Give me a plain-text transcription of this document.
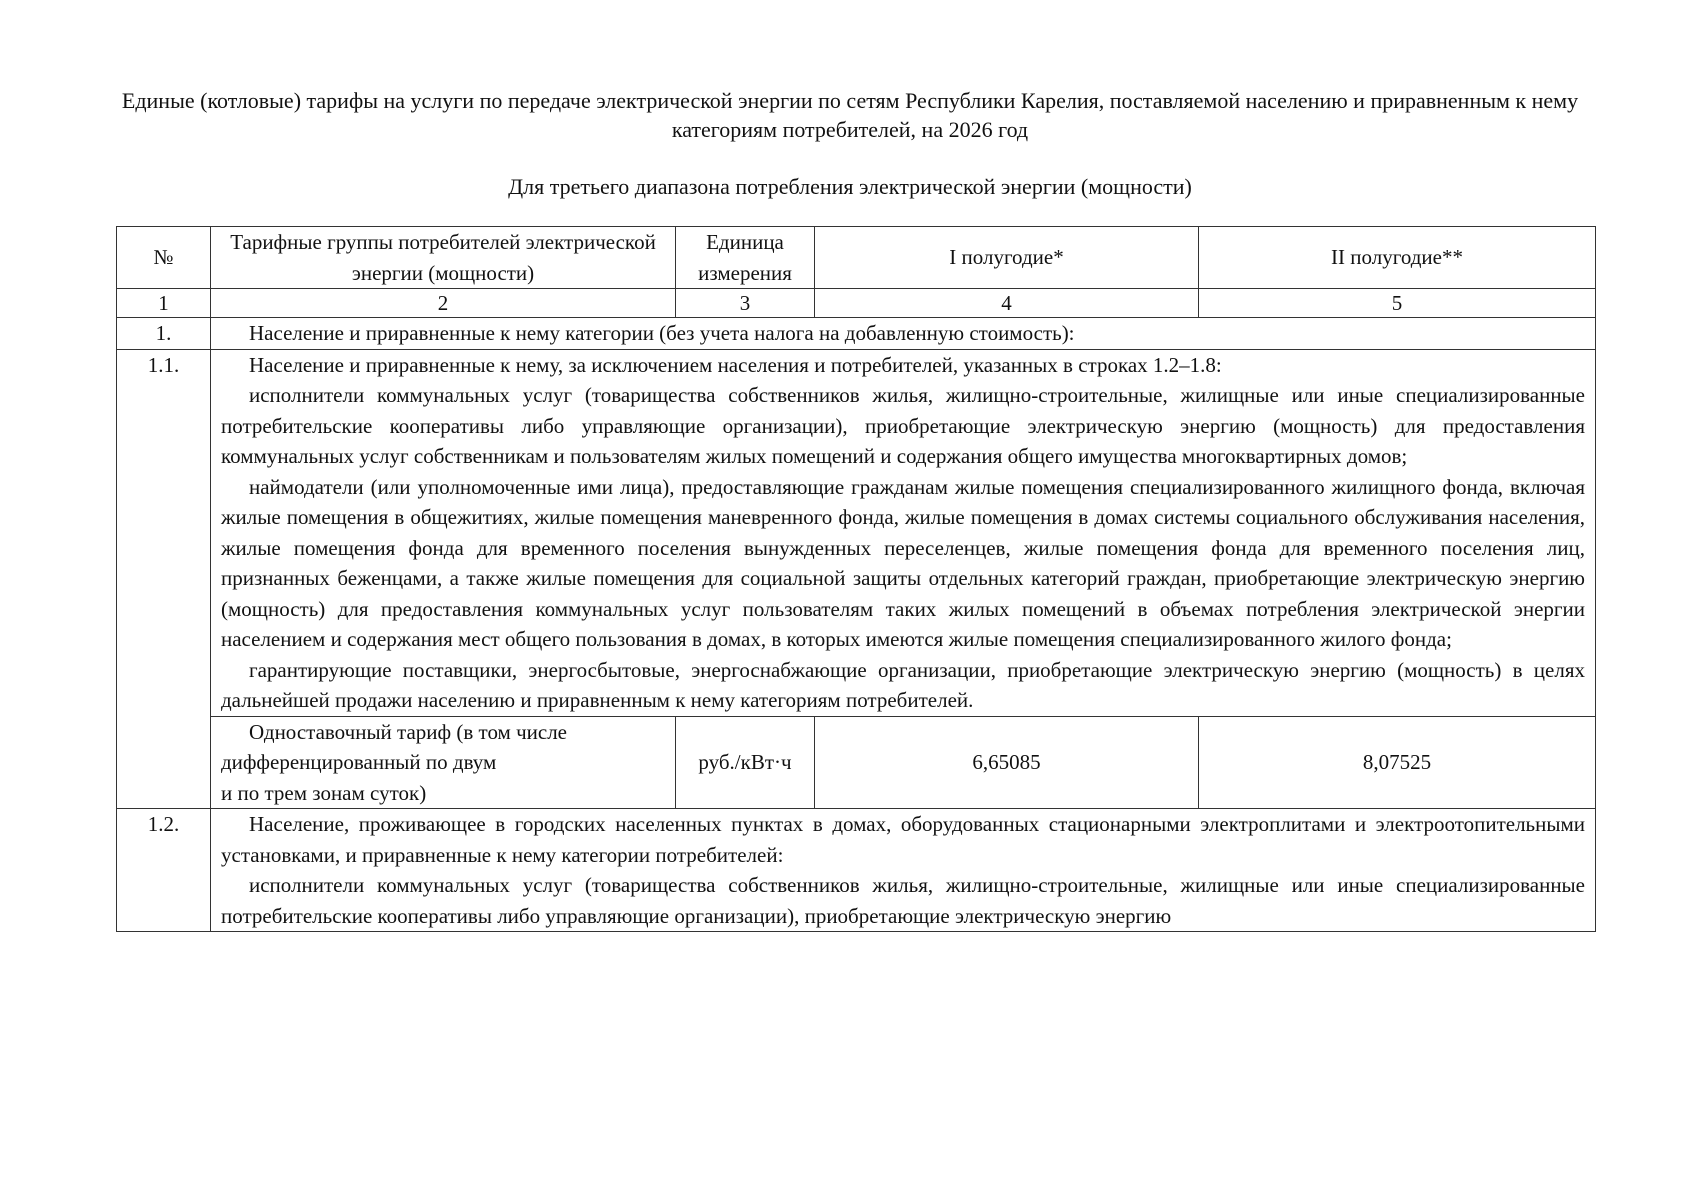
Единые (котловые) тарифы на услуги по передаче электрической энергии по сетям Республики Карелия, поставляемой населению и приравненным к нему категориям потребителей, на 2026 год
Для третьего диапазона потребления электрической энергии (мощности)
№	Тарифные группы потребителей электрической энергии (мощности)	Единица измерения	I полугодие*	II полугодие**
1	2	3	4	5
1.	Население и приравненные к нему категории (без учета налога на добавленную стоимость):			

1.1.	Население и приравненные к нему, за исключением населения и потребителей, указанных в строках 1.2–1.8:

исполнители коммунальных услуг (товарищества собственников жилья, жилищно-строительные, жилищные или иные специализированные потребительские кооперативы либо управляющие организации), приобретающие электрическую энергию (мощность) для предоставления коммунальных услуг собственникам и пользователям жилых помещений и содержания общего имущества многоквартирных домов;

наймодатели (или уполномоченные ими лица), предоставляющие гражданам жилые помещения специализированного жилищного фонда, включая жилые помещения в общежитиях, жилые помещения маневренного фонда, жилые помещения в домах системы социального обслуживания населения, жилые помещения фонда для временного поселения вынужденных переселенцев, жилые помещения фонда для временного поселения лиц, признанных беженцами, а также жилые помещения для социальной защиты отдельных категорий граждан, приобретающие электрическую энергию (мощность) для предоставления коммунальных услуг пользователям таких жилых помещений в объемах потребления электрической энергии населением и содержания мест общего пользования в домах, в которых имеются жилые помещения специализированного жилого фонда;

гарантирующие поставщики, энергосбытовые, энергоснабжающие организации, приобретающие электрическую энергию (мощность) в целях дальнейшей продажи населению и приравненным к нему категориям потребителей.			

	Одноставочный тариф (в том числе
дифференцированный по двум
и по трем зонам суток)	руб./кВт·ч	6,65085	8,07525
1.2.	Население, проживающее в городских населенных пунктах в домах, оборудованных стационарными электроплитами и электроотопительными установками, и приравненные к нему категории потребителей:

исполнители коммунальных услуг (товарищества собственников жилья, жилищно-строительные, жилищные или иные специализированные потребительские кооперативы либо управляющие организации), приобретающие электрическую энергию			
